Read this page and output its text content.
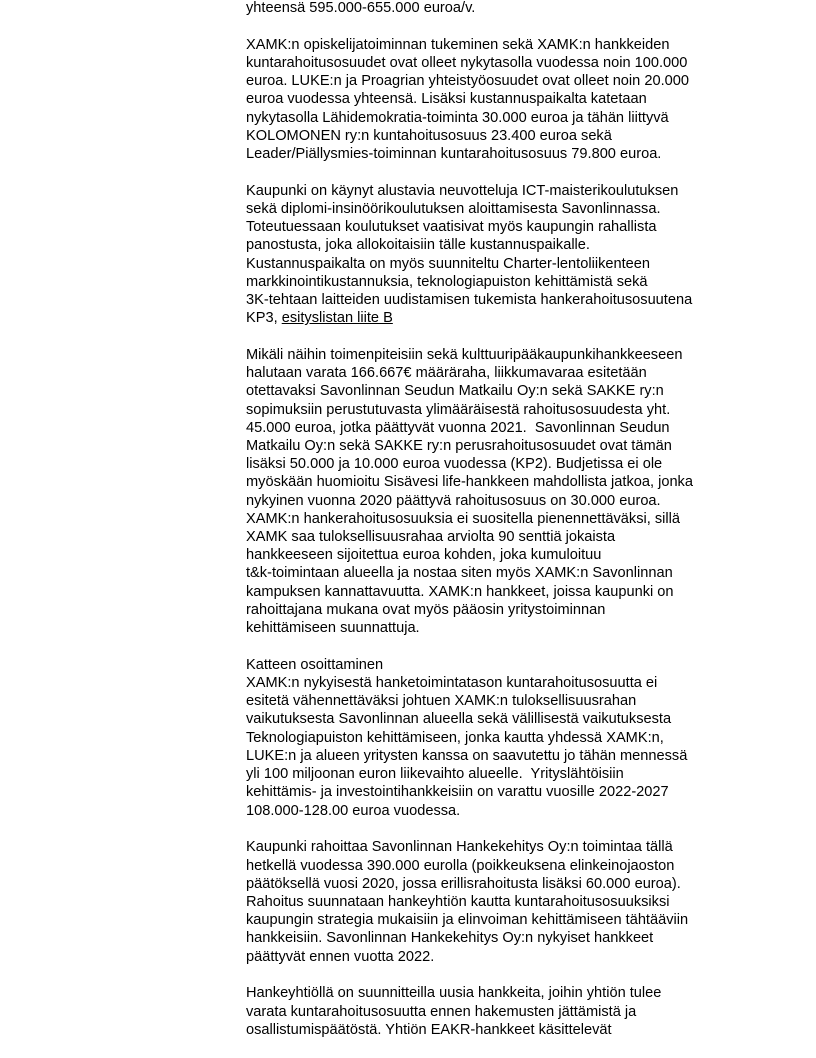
yhteensä 595.000-655.000 euroa/v.
XAMK:n opiskelijatoiminnan tukeminen sekä XAMK:n hankkeiden
kuntarahoitusosuudet ovat olleet nykytasolla vuodessa noin 100.000
euroa. LUKE:n ja Proagrian yhteistyöosuudet ovat olleet noin 20.000
euroa vuodessa yhteensä. Lisäksi kustannuspaikalta katetaan
nykytasolla Lähidemokratia-toiminta 30.000 euroa ja tähän liittyvä
KOLOMONEN ry:n kuntahoitusosuus 23.400 euroa sekä
Leader/Piällysmies-toiminnan kuntarahoitusosuus 79.800 euroa.
Kaupunki on käynyt alustavia neuvotteluja ICT-maisterikoulutuksen
sekä diplomi-insinöörikoulutuksen aloittamisesta Savonlinnassa.
Toteutuessaan koulutukset vaatisivat myös kaupungin rahallista
panostusta, joka allokoitaisiin tälle kustannuspaikalle.
Kustannuspaikalta on myös suunniteltu Charter-lentoliikenteen
markkinointikustannuksia, teknologiapuiston kehittämistä sekä
3K-tehtaan laitteiden uudistamisen tukemista hankerahoitusosuutena
KP3, esityslistan liite B
Mikäli näihin toimenpiteisiin sekä kulttuuripääkaupunkihankkeeseen
halutaan varata 166.667€ määräraha, liikkumavaraa esitetään
otettavaksi Savonlinnan Seudun Matkailu Oy:n sekä SAKKE ry:n
sopimuksiin perustutuvasta ylimääräisestä rahoitusosuudesta yht.
45.000 euroa, jotka päättyvät vuonna 2021.  Savonlinnan Seudun
Matkailu Oy:n sekä SAKKE ry:n perusrahoitusosuudet ovat tämän
lisäksi 50.000 ja 10.000 euroa vuodessa (KP2). Budjetissa ei ole
myöskään huomioitu Sisävesi life-hankkeen mahdollista jatkoa, jonka
nykyinen vuonna 2020 päättyvä rahoitusosuus on 30.000 euroa.
XAMK:n hankerahoitusosuuksia ei suositella pienennettäväksi, sillä
XAMK saa tuloksellisuusrahaa arviolta 90 senttiä jokaista
hankkeeseen sijoitettua euroa kohden, joka kumuloituu
t&k-toimintaan alueella ja nostaa siten myös XAMK:n Savonlinnan
kampuksen kannattavuutta. XAMK:n hankkeet, joissa kaupunki on
rahoittajana mukana ovat myös pääosin yritystoiminnan
kehittämiseen suunnattuja.
Katteen osoittaminen
XAMK:n nykyisestä hanketoimintatason kuntarahoitusosuutta ei
esitetä vähennettäväksi johtuen XAMK:n tuloksellisuusrahan
vaikutuksesta Savonlinnan alueella sekä välillisestä vaikutuksesta
Teknologiapuiston kehittämiseen, jonka kautta yhdessä XAMK:n,
LUKE:n ja alueen yritysten kanssa on saavutettu jo tähän mennessä
yli 100 miljoonan euron liikevaihto alueelle.  Yrityslähtöisiin
kehittämis- ja investointihankkeisiin on varattu vuosille 2022-2027
108.000-128.00 euroa vuodessa.
Kaupunki rahoittaa Savonlinnan Hankekehitys Oy:n toimintaa tällä
hetkellä vuodessa 390.000 eurolla (poikkeuksena elinkeinojaoston
päätöksellä vuosi 2020, jossa erillisrahoitusta lisäksi 60.000 euroa).
Rahoitus suunnataan hankeyhtiön kautta kuntarahoitusosuuksiksi
kaupungin strategia mukaisiin ja elinvoiman kehittämiseen tähtääviin
hankkeisiin. Savonlinnan Hankekehitys Oy:n nykyiset hankkeet
päättyvät ennen vuotta 2022.
Hankeyhtiöllä on suunnitteilla uusia hankkeita, joihin yhtiön tulee
varata kuntarahoitusosuutta ennen hakemusten jättämistä ja
osallistumispäätöstä. Yhtiön EAKR-hankkeet käsittelevät
